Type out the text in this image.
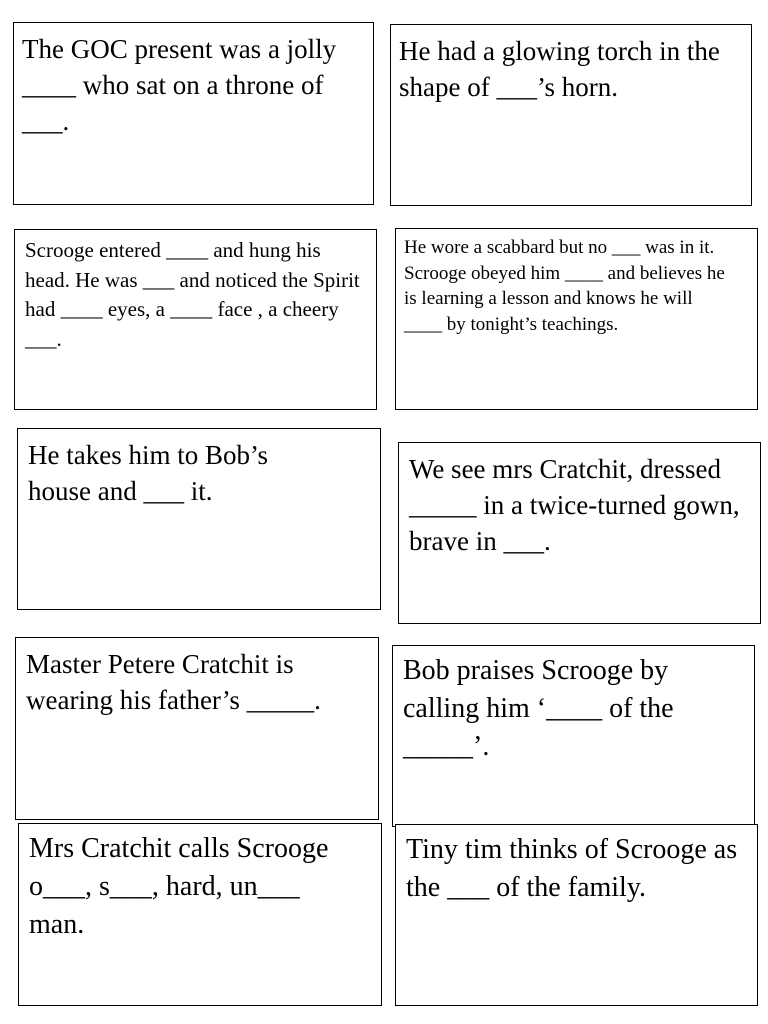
The GOC present was a jolly ____ who sat on a throne of ___.

He had a glowing torch in the shape of ___’s horn.

Scrooge entered ____ and hung his head. He was ___ and noticed the Spirit had ____ eyes, a ____ face , a cheery ___.

He wore a scabbard but no ___ was in it. Scrooge obeyed him ____ and believes he is learning a lesson and knows he will ____ by tonight’s teachings.

He takes him to Bob’s house and ___ it.

We see mrs Cratchit, dressed _____ in a twice-turned gown, brave in ___.

Master Petere Cratchit is wearing his father’s _____.

Bob praises Scrooge by calling him ‘____ of the _____’.

Mrs Cratchit calls Scrooge o___, s___, hard, un___ man.

Tiny tim thinks of Scrooge as the ___ of the family.
